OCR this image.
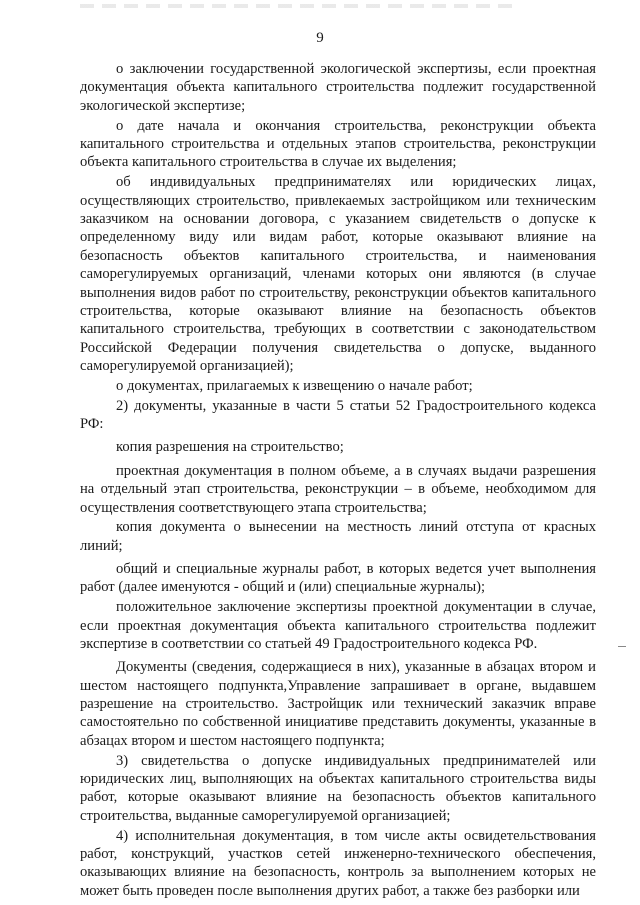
9

о заключении государственной экологической экспертизы, если проектная документация объекта капитального строительства подлежит государственной экологической экспертизе;

о дате начала и окончания строительства, реконструкции объекта капитального строительства и отдельных этапов строительства, реконструкции объекта капитального строительства в случае их выделения;

об индивидуальных предпринимателях или юридических лицах, осуществляющих строительство, привлекаемых застройщиком или техническим заказчиком на основании договора, с указанием свидетельств о допуске к определенному виду или видам работ, которые оказывают влияние на безопасность объектов капитального строительства, и наименования саморегулируемых организаций, членами которых они являются (в случае выполнения видов работ по строительству, реконструкции объектов капитального строительства, которые оказывают влияние на безопасность объектов капитального строительства, требующих в соответствии с законодательством Российской Федерации получения свидетельства о допуске, выданного саморегулируемой организацией);

о документах, прилагаемых к извещению о начале работ;

2) документы, указанные в части 5 статьи 52 Градостроительного кодекса РФ:

копия разрешения на строительство;

проектная документация в полном объеме, а в случаях выдачи разрешения на отдельный этап строительства, реконструкции – в объеме, необходимом для осуществления соответствующего этапа строительства;

копия документа о вынесении на местность линий отступа от красных линий;

общий и специальные журналы работ, в которых ведется учет выполнения работ (далее именуются - общий и (или) специальные журналы);

положительное заключение экспертизы проектной документации в случае, если проектная документация объекта капитального строительства подлежит экспертизе в соответствии со статьей 49 Градостроительного кодекса РФ.

Документы (сведения, содержащиеся в них), указанные в абзацах втором и шестом настоящего подпункта,Управление запрашивает в органе, выдавшем разрешение на строительство. Застройщик или технический заказчик вправе самостоятельно по собственной инициативе представить документы, указанные в абзацах втором и шестом настоящего подпункта;

3) свидетельства о допуске индивидуальных предпринимателей или юридических лиц, выполняющих на объектах капитального строительства виды работ, которые оказывают влияние на безопасность объектов капитального строительства, выданные саморегулируемой организацией;

4) исполнительная документация, в том числе акты освидетельствования работ, конструкций, участков сетей инженерно-технического обеспечения, оказывающих влияние на безопасность, контроль за выполнением которых не может быть проведен после выполнения других работ, а также без разборки или
